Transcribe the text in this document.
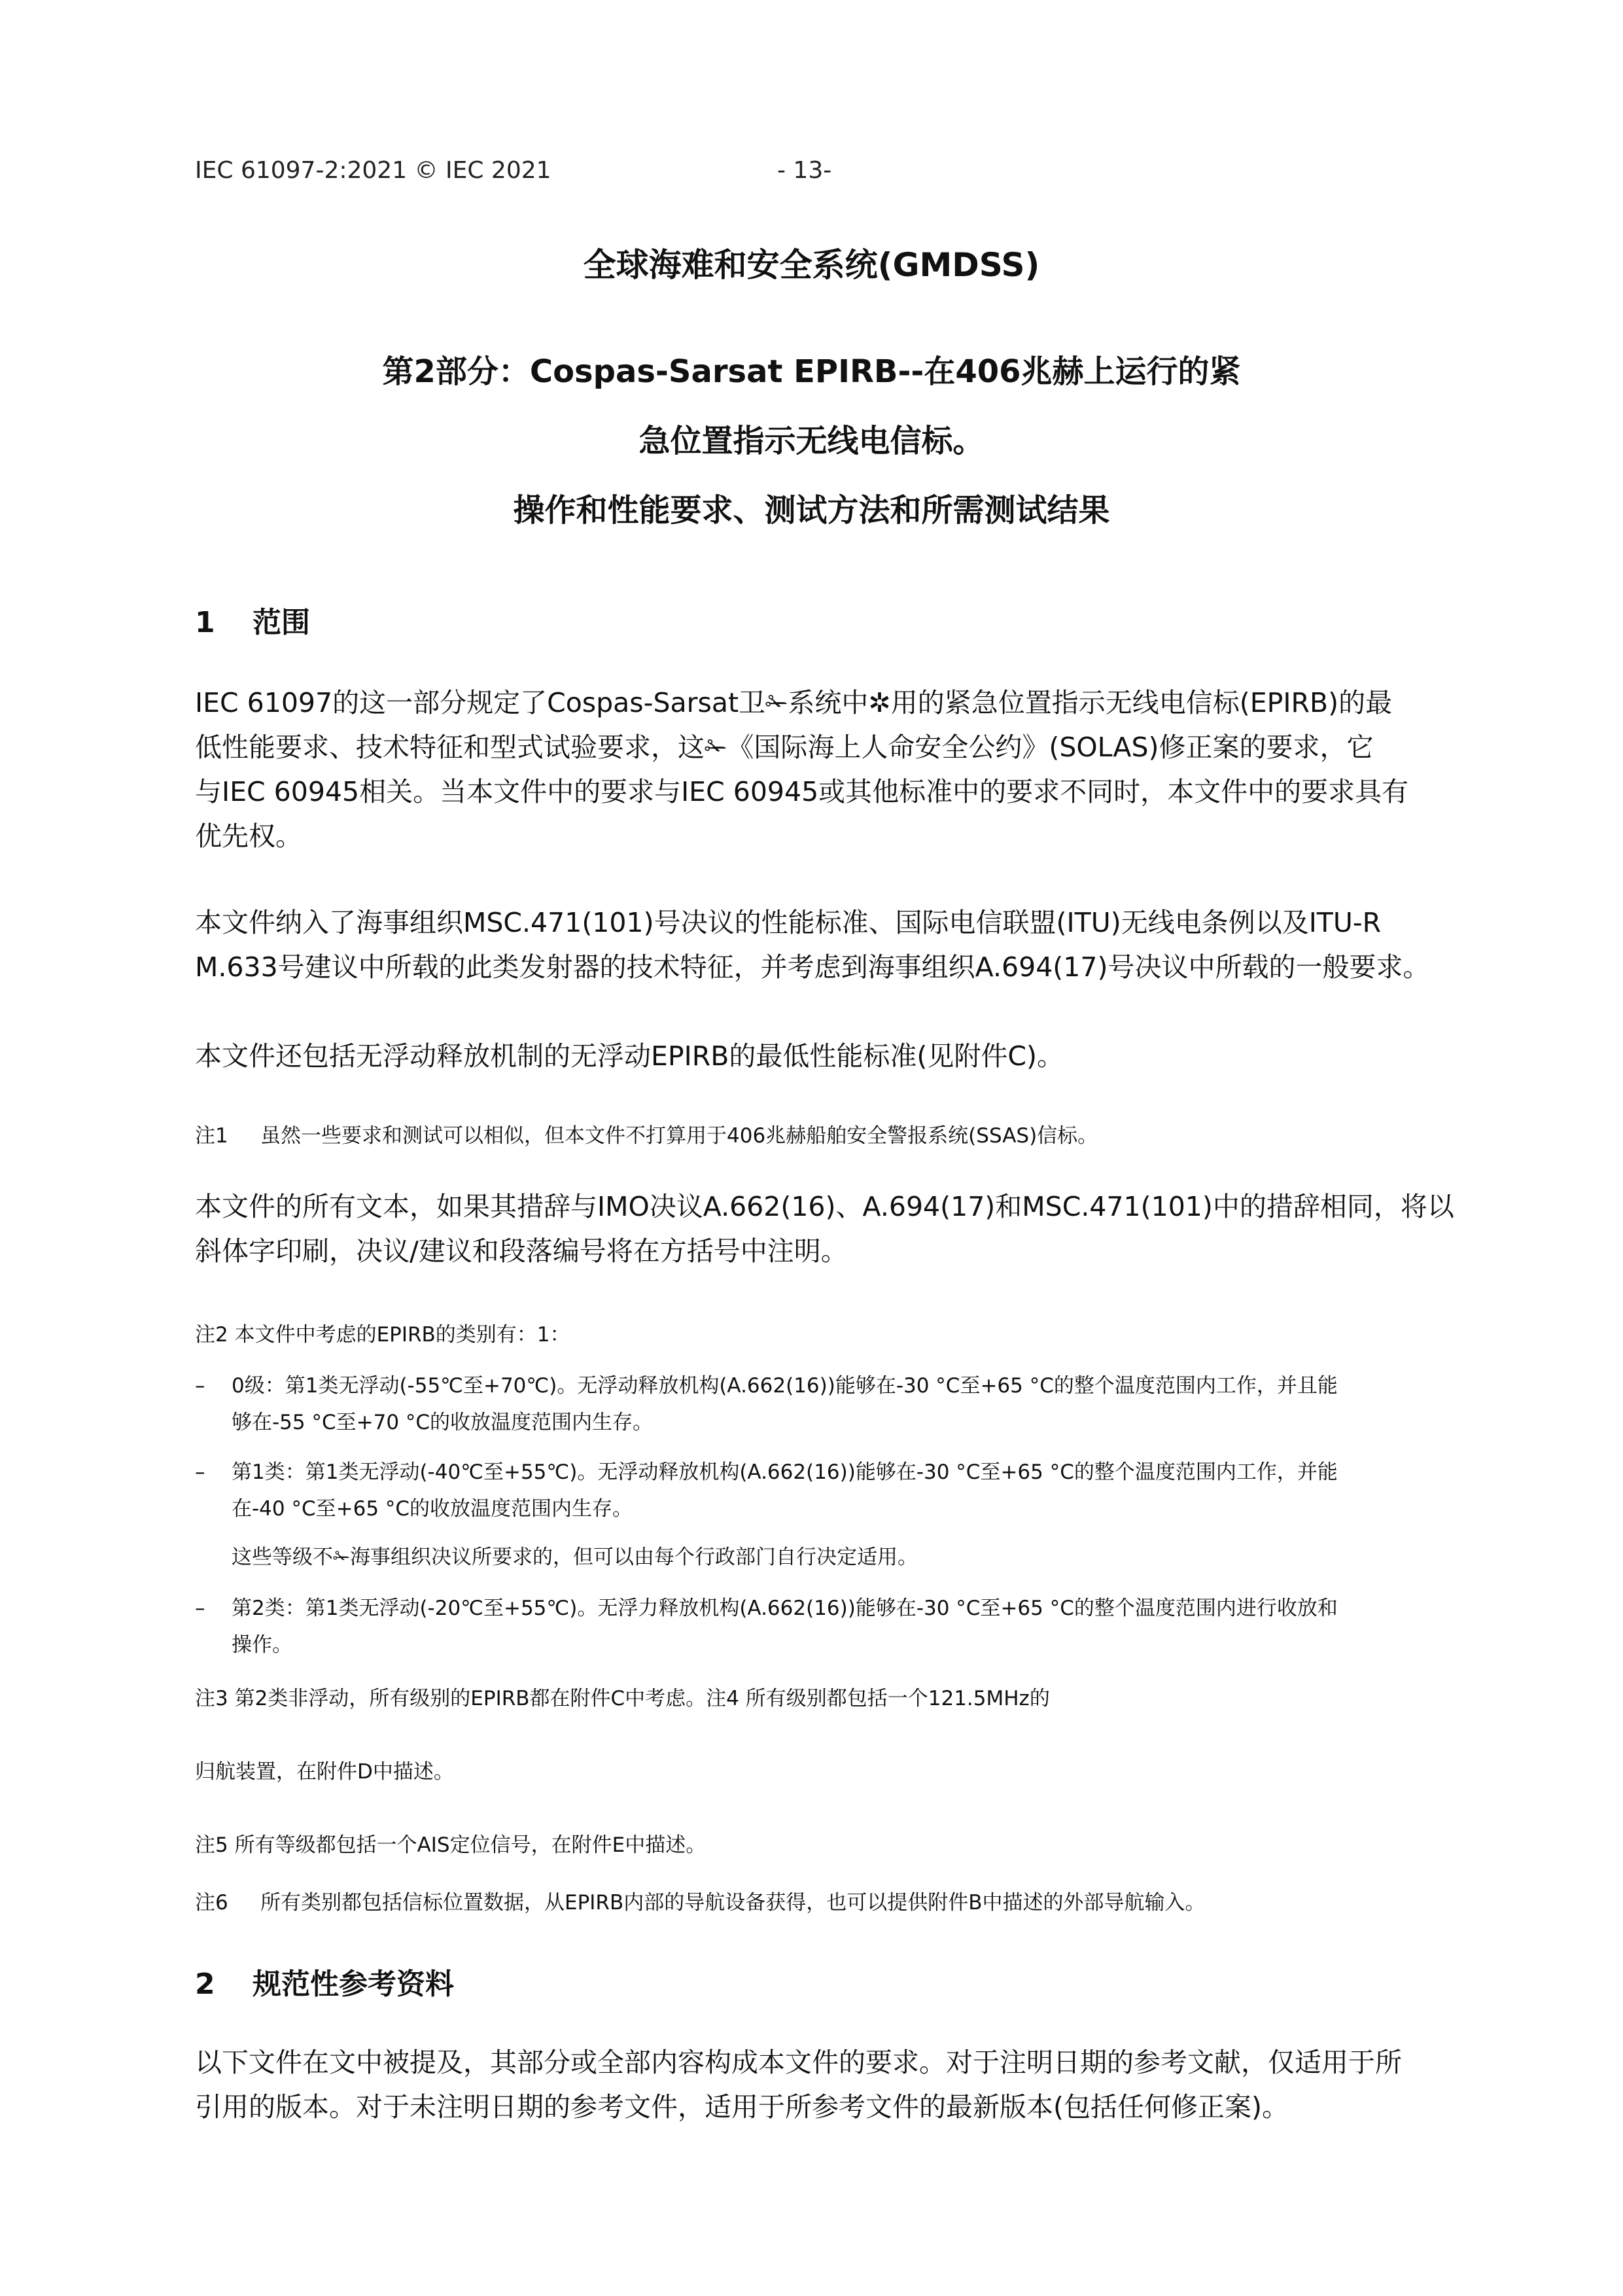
IEC 61097-2:2021 © IEC 2021	- 13-
全球海难和安全系统(GMDSS)
第2部分：Cospas-Sarsat EPIRB--在406兆赫上运行的紧
急位置指示无线电信标。
操作和性能要求、测试方法和所需测试结果
1 范围
IEC 61097的这一部分规定了Cospas-Sarsat卫✁系统中✲用的紧急位置指示无线电信标(EPIRB)的最
低性能要求、技术特征和型式试验要求，这✁《国际海上人命安全公约》(SOLAS)修正案的要求，它
与IEC 60945相关。当本文件中的要求与IEC 60945或其他标准中的要求不同时，本文件中的要求具有
优先权。
本文件纳入了海事组织MSC.471(101)号决议的性能标准、国际电信联盟(ITU)无线电条例以及ITU-R
M.633号建议中所载的此类发射器的技术特征，并考虑到海事组织A.694(17)号决议中所载的一般要求。
本文件还包括无浮动释放机制的无浮动EPIRB的最低性能标准(见附件C)。
注1 虽然一些要求和测试可以相似，但本文件不打算用于406兆赫船舶安全警报系统(SSAS)信标。
本文件的所有文本，如果其措辞与IMO决议A.662(16)、A.694(17)和MSC.471(101)中的措辞相同，将以
斜体字印刷，决议/建议和段落编号将在方括号中注明。
注2 本文件中考虑的EPIRB的类别有：1：
– 0级：第1类无浮动(-55℃至+70℃)。无浮动释放机构(A.662(16))能够在-30 °C至+65 °C的整个温度范围内工作，并且能
够在-55 °C至+70 °C的收放温度范围内生存。
– 第1类：第1类无浮动(-40℃至+55℃)。无浮动释放机构(A.662(16))能够在-30 °C至+65 °C的整个温度范围内工作，并能
在-40 °C至+65 °C的收放温度范围内生存。
这些等级不✁海事组织决议所要求的，但可以由每个行政部门自行决定适用。
– 第2类：第1类无浮动(-20℃至+55℃)。无浮力释放机构(A.662(16))能够在-30 °C至+65 °C的整个温度范围内进行收放和
操作。
注3 第2类非浮动，所有级别的EPIRB都在附件C中考虑。注4 所有级别都包括一个121.5MHz的
归航装置，在附件D中描述。
注5 所有等级都包括一个AIS定位信号，在附件E中描述。
注6 所有类别都包括信标位置数据，从EPIRB内部的导航设备获得，也可以提供附件B中描述的外部导航输入。
2 规范性参考资料
以下文件在文中被提及，其部分或全部内容构成本文件的要求。对于注明日期的参考文献，仅适用于所
引用的版本。对于未注明日期的参考文件，适用于所参考文件的最新版本(包括任何修正案)。
